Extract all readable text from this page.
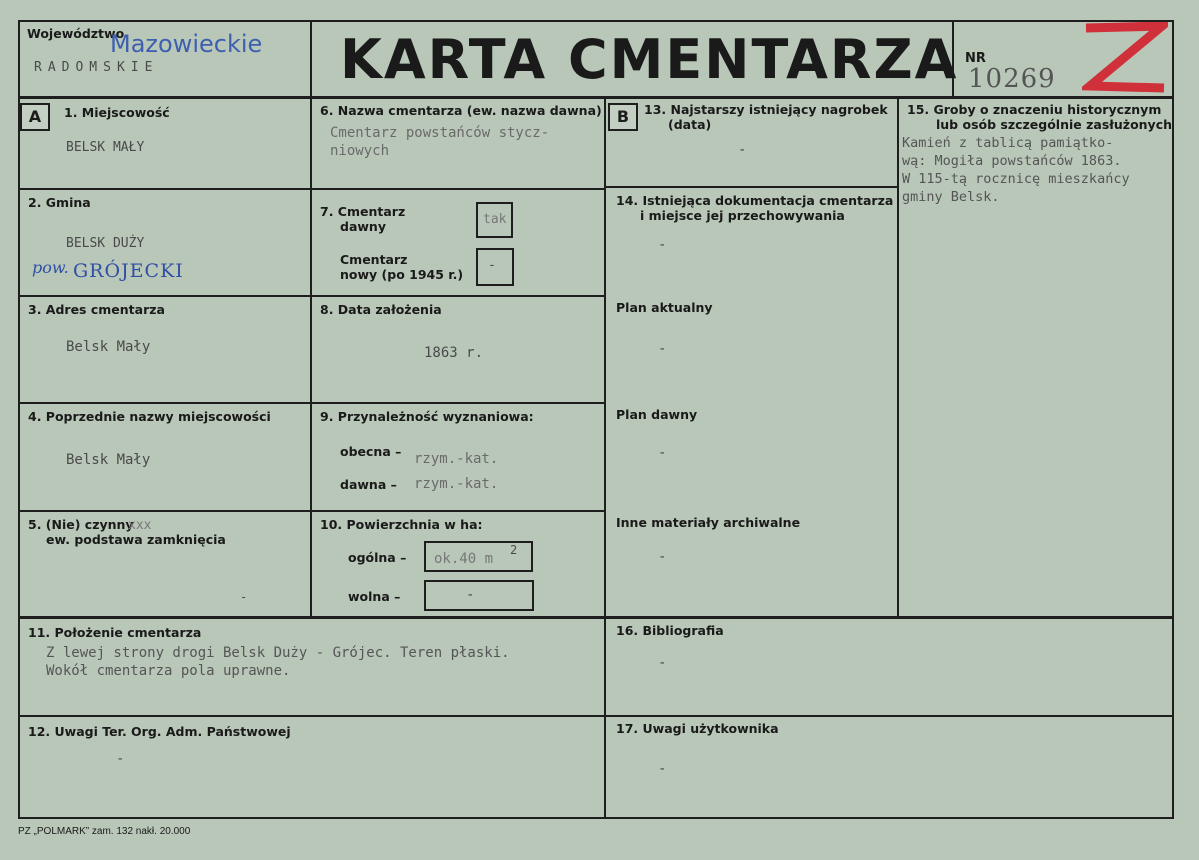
Województwo
Mazowieckie
RADOMSKIE	KARTA CMENTARZA NR
10269
A	1. Miejscowość
BELSK MAŁY
2. Gmina
BELSK DUŻY
pow. GRÓJECKI
3. Adres cmentarza
Belsk Mały
4. Poprzednie nazwy miejscowości
Belsk Mały
5. (Nie) czynny
xxx
ew. podstawa zamknięcia
-
6. Nazwa cmentarza (ew. nazwa dawna)
Cmentarz powstańców stycz-
niowych
7. Cmentarz
dawny	tak
Cmentarz
nowy (po 1945 r.)
-
8. Data założenia
1863 r.
9. Przynależność wyznaniowa:
obecna – rzym.-kat.
dawna – rzym.-kat.
10. Powierzchnia w ha:
ogólna – ok.40 m
2
wolna –	-
B	13. Najstarszy istniejący nagrobek
(data)
-
14. Istniejąca dokumentacja cmentarza
i miejsce jej przechowywania
-
Plan aktualny
-
Plan dawny
-
Inne materiały archiwalne
-
15. Groby o znaczeniu historycznym
lub osób szczególnie zasłużonych
Kamień z tablicą pamiątko-
wą: Mogiła powstańców 1863.
W 115-tą rocznicę mieszkańcy
gminy Belsk.
11. Położenie cmentarza
Z lewej strony drogi Belsk Duży - Grójec. Teren płaski.
Wokół cmentarza pola uprawne.
16. Bibliografia
-
12. Uwagi Ter. Org. Adm. Państwowej
-
17. Uwagi użytkownika
-
PZ „POLMARK” zam. 132 nakł. 20.000
